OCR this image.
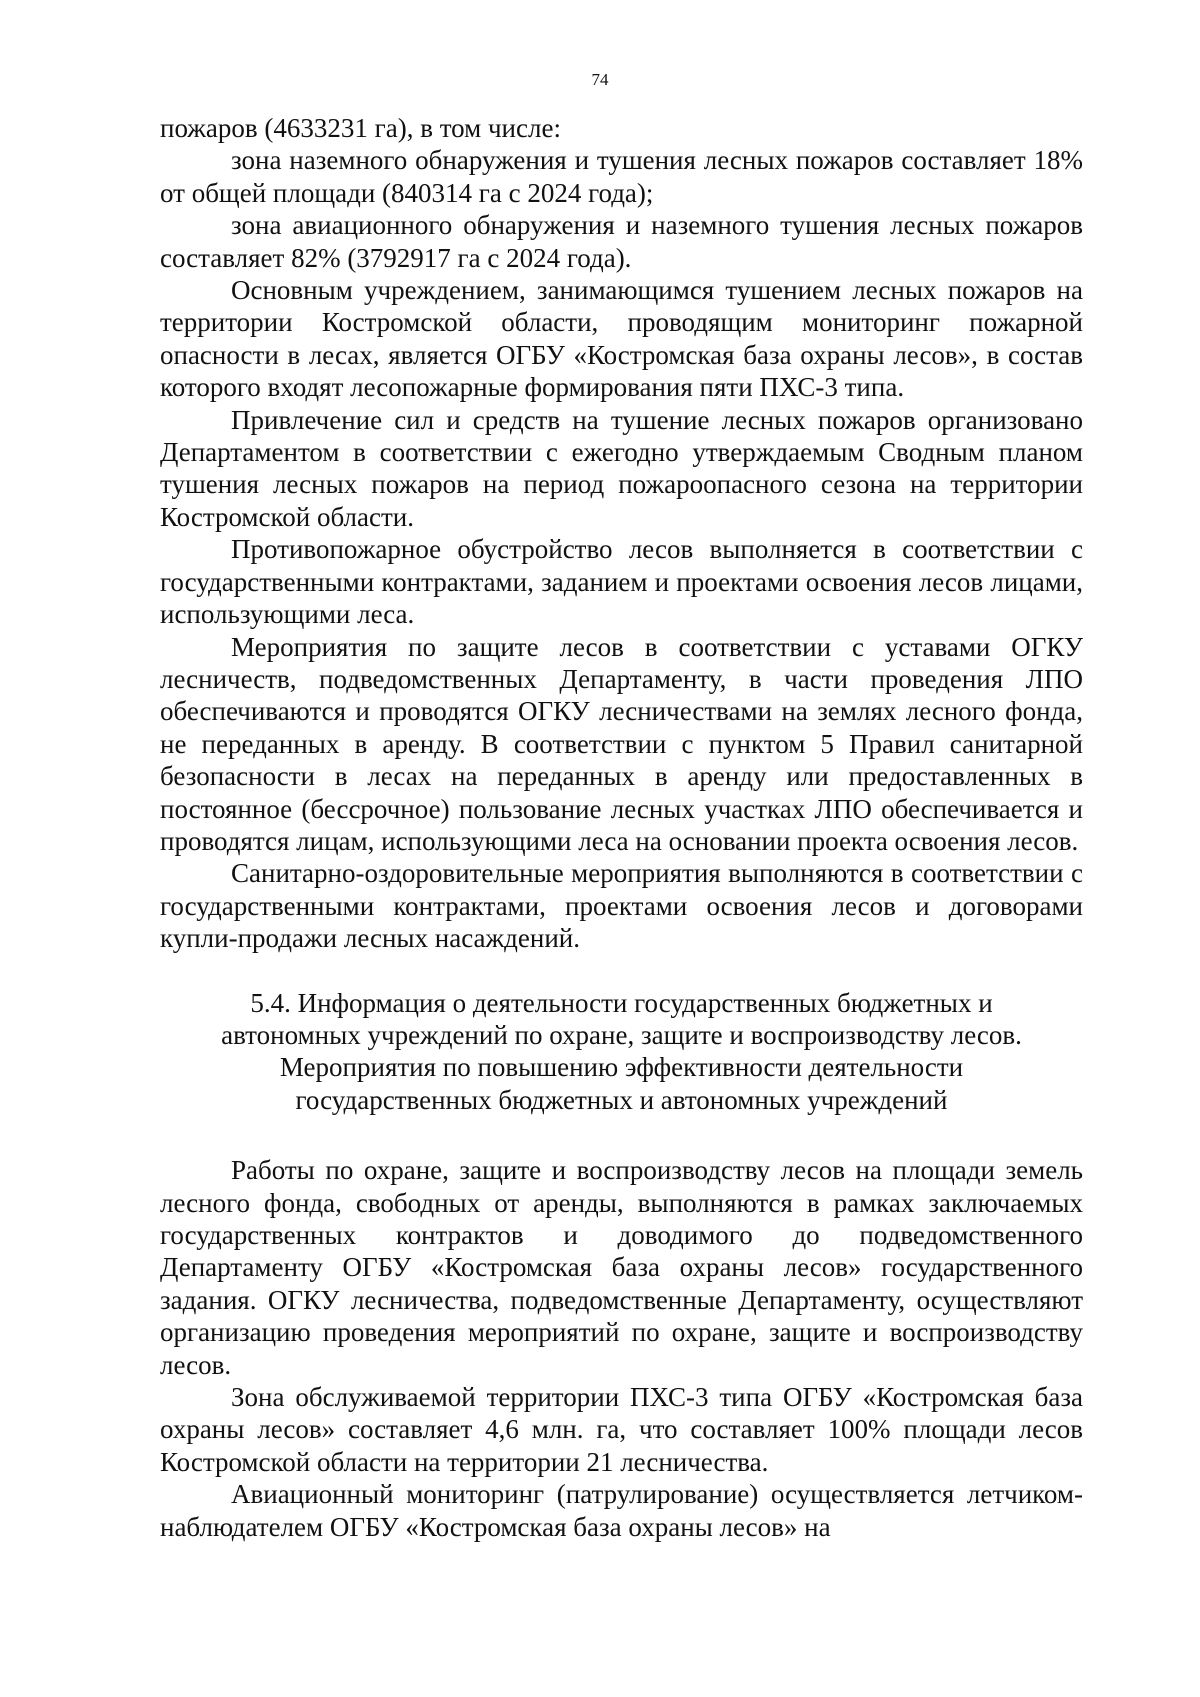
74

пожаров (4633231 га), в том числе:

зона наземного обнаружения и тушения лесных пожаров составляет 18% от общей площади (840314 га с 2024 года);

зона авиационного обнаружения и наземного тушения лесных пожаров составляет 82% (3792917 га с 2024 года).

Основным учреждением, занимающимся тушением лесных пожаров на территории Костромской области, проводящим мониторинг пожарной опасности в лесах, является ОГБУ «Костромская база охраны лесов», в состав которого входят лесопожарные формирования пяти ПХС-3 типа.

Привлечение сил и средств на тушение лесных пожаров организовано Департаментом в соответствии с ежегодно утверждаемым Сводным планом тушения лесных пожаров на период пожароопасного сезона на территории Костромской области.

Противопожарное обустройство лесов выполняется в соответствии с государственными контрактами, заданием и проектами освоения лесов лицами, использующими леса.

Мероприятия по защите лесов в соответствии с уставами ОГКУ лесничеств, подведомственных Департаменту, в части проведения ЛПО обеспечиваются и проводятся ОГКУ лесничествами на землях лесного фонда, не переданных в аренду. В соответствии с пунктом 5 Правил санитарной безопасности в лесах на переданных в аренду или предоставленных в постоянное (бессрочное) пользование лесных участках ЛПО обеспечивается и проводятся лицам, использующими леса на основании проекта освоения лесов.

Санитарно-оздоровительные мероприятия выполняются в соответствии с государственными контрактами, проектами освоения лесов и договорами купли-продажи лесных насаждений.

5.4. Информация о деятельности государственных бюджетных и
автономных учреждений по охране, защите и воспроизводству лесов.
Мероприятия по повышению эффективности деятельности
государственных бюджетных и автономных учреждений

Работы по охране, защите и воспроизводству лесов на площади земель лесного фонда, свободных от аренды, выполняются в рамках заключаемых государственных контрактов и доводимого до подведомственного Департаменту ОГБУ «Костромская база охраны лесов» государственного задания. ОГКУ лесничества, подведомственные Департаменту, осуществляют организацию проведения мероприятий по охране, защите и воспроизводству лесов.

Зона обслуживаемой территории ПХС-3 типа ОГБУ «Костромская база охраны лесов» составляет 4,6 млн. га, что составляет 100% площади лесов Костромской области на территории 21 лесничества.

Авиационный мониторинг (патрулирование) осуществляется летчиком-наблюдателем ОГБУ «Костромская база охраны лесов» на
